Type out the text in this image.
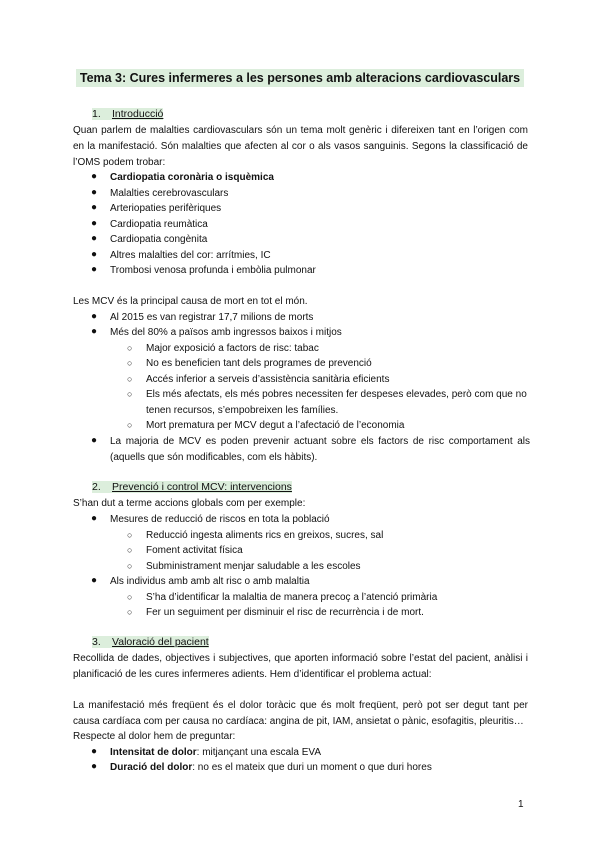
Tema 3: Cures infermeres a les persones amb alteracions cardiovasculars
1. Introducció
Quan parlem de malalties cardiovasculars són un tema molt genèric i difereixen tant en l’origen com en la manifestació. Són malalties que afecten al cor o als vasos sanguinis. Segons la classificació de l’OMS podem trobar:
● Cardiopatia coronària o isquèmica
● Malalties cerebrovasculars
● Arteriopaties perifèriques
● Cardiopatia reumàtica
● Cardiopatia congènita
● Altres malalties del cor: arrítmies, IC
● Trombosi venosa profunda i embòlia pulmonar
Les MCV és la principal causa de mort en tot el món.
● Al 2015 es van registrar 17,7 milions de morts
● Més del 80% a països amb ingressos baixos i mitjos
○ Major exposició a factors de risc: tabac
○ No es beneficien tant dels programes de prevenció
○ Accés inferior a serveis d’assistència sanitària eficients
○ Els més afectats, els més pobres necessiten fer despeses elevades, però com que no tenen recursos, s’empobreixen les famílies.
○ Mort prematura per MCV degut a l’afectació de l’economia
● La majoria de MCV es poden prevenir actuant sobre els factors de risc comportament als (aquells que són modificables, com els hàbits).
2. Prevenció i control MCV: intervencions
S’han dut a terme accions globals com per exemple:
● Mesures de reducció de riscos en tota la població
○ Reducció ingesta aliments rics en greixos, sucres, sal
○ Foment activitat física
○ Subministrament menjar saludable a les escoles
● Als individus amb amb alt risc o amb malaltia
○ S’ha d’identificar la malaltia de manera precoç a l’atenció primària
○ Fer un seguiment per disminuir el risc de recurrència i de mort.
3. Valoració del pacient
Recollida de dades, objectives i subjectives, que aporten informació sobre l’estat del pacient, anàlisi i planificació de les cures infermeres adients. Hem d’identificar el problema actual:
La manifestació més freqüent és el dolor toràcic que és molt freqüent, però pot ser degut tant per causa cardíaca com per causa no cardíaca: angina de pit, IAM, ansietat o pànic, esofagitis, pleuritis…
Respecte al dolor hem de preguntar:
● Intensitat de dolor: mitjançant una escala EVA
● Duració del dolor: no es el mateix que duri un moment o que duri hores
1
